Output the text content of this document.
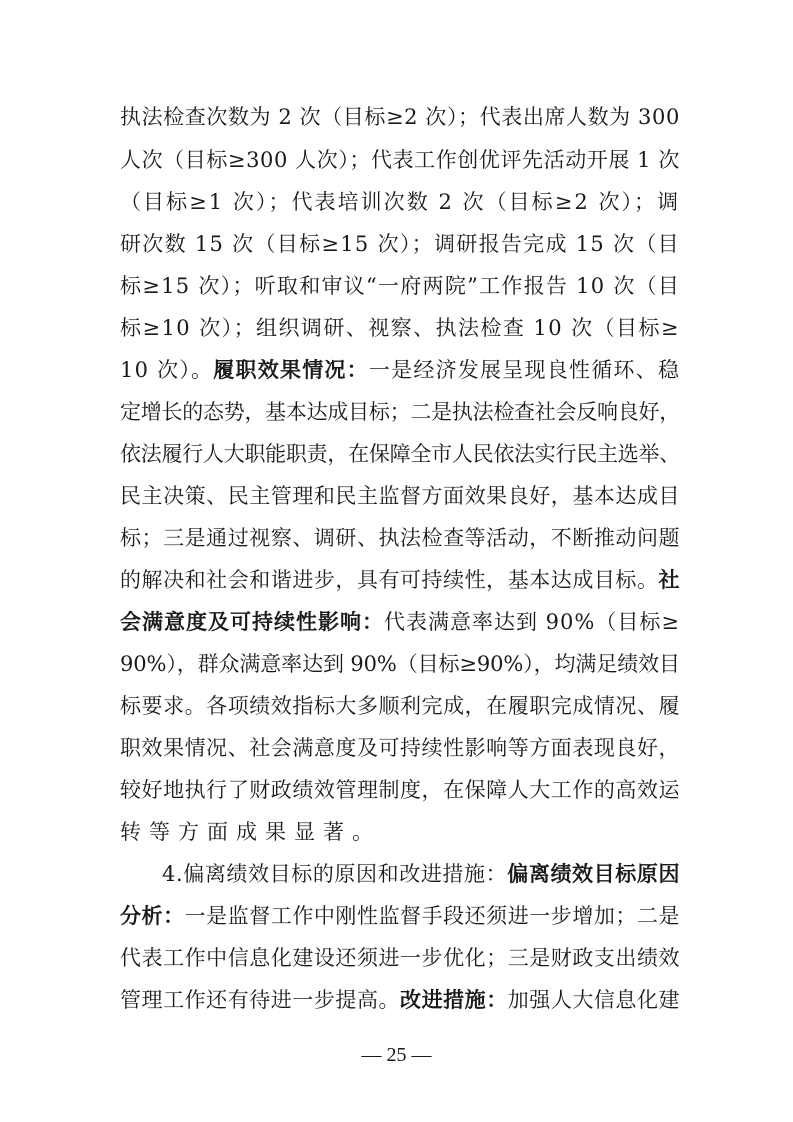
执法检查次数为 2 次（目标≥2 次）；代表出席人数为 300
人次（目标≥300 人次）；代表工作创优评先活动开展 1 次
（目标≥1 次）；代表培训次数 2 次（目标≥2 次）；调
研次数 15 次（目标≥15 次）；调研报告完成 15 次（目
标≥15 次）；听取和审议“一府两院”工作报告 10 次（目
标≥10 次）；组织调研、视察、执法检查 10 次（目标≥
10 次）。履职效果情况：一是经济发展呈现良性循环、稳
定增长的态势，基本达成目标；二是执法检查社会反响良好，
依法履行人大职能职责，在保障全市人民依法实行民主选举、
民主决策、民主管理和民主监督方面效果良好，基本达成目
标；三是通过视察、调研、执法检查等活动，不断推动问题
的解决和社会和谐进步，具有可持续性，基本达成目标。社
会满意度及可持续性影响：代表满意率达到 90%（目标≥
90%），群众满意率达到 90%（目标≥90%），均满足绩效目
标要求。各项绩效指标大多顺利完成，在履职完成情况、履
职效果情况、社会满意度及可持续性影响等方面表现良好，
较好地执行了财政绩效管理制度，在保障人大工作的高效运
转等方面成果显著。
4.偏离绩效目标的原因和改进措施：偏离绩效目标原因
分析：一是监督工作中刚性监督手段还须进一步增加；二是
代表工作中信息化建设还须进一步优化；三是财政支出绩效
管理工作还有待进一步提高。改进措施：加强人大信息化建
— 25 —
